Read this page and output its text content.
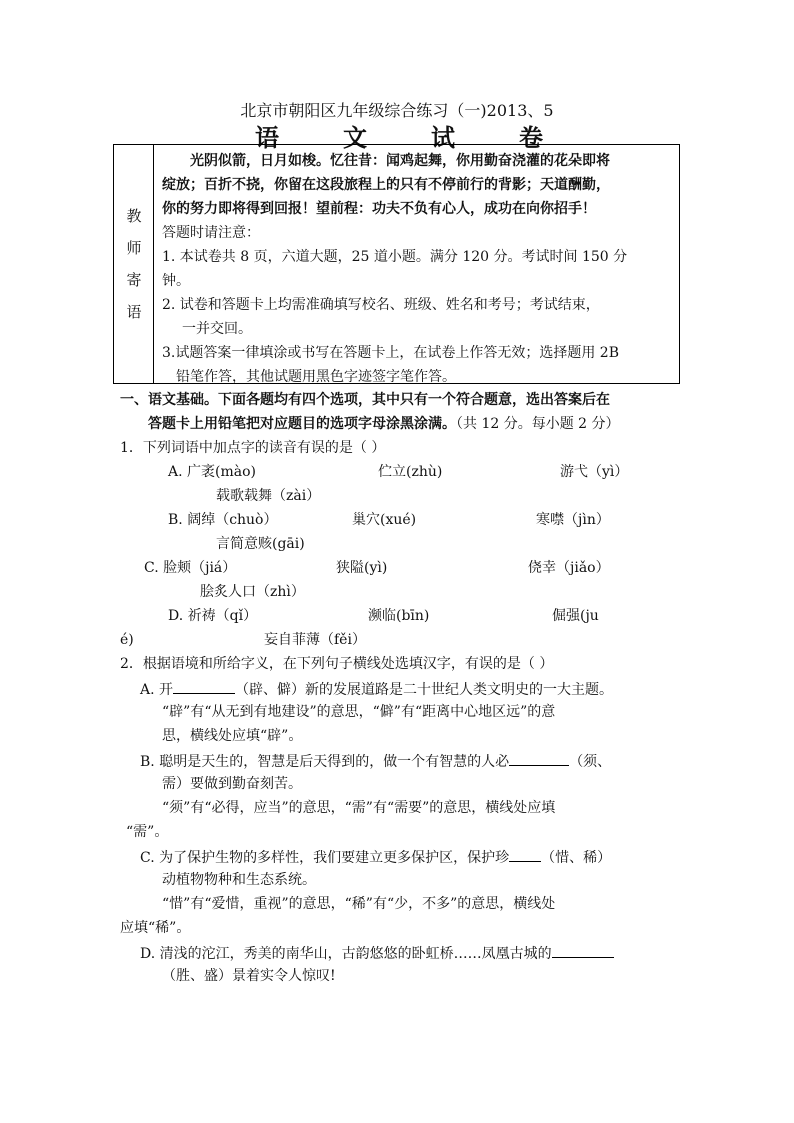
北京市朝阳区九年级综合练习（一)2013、5
语	文	试	卷
教
师
寄
语
光阴似箭，日月如梭。忆往昔：闻鸡起舞，你用勤奋浇灌的花朵即将
绽放；百折不挠，你留在这段旅程上的只有不停前行的背影；天道酬勤，
你的努力即将得到回报！望前程：功夫不负有心人，成功在向你招手！
答题时请注意：
1. 本试卷共 8 页，六道大题，25 道小题。满分 120 分。考试时间 150 分
钟。
2. 试卷和答题卡上均需准确填写校名、班级、姓名和考号；考试结束，
一并交回。
3.试题答案一律填涂或书写在答题卡上，在试卷上作答无效；选择题用 2B
铅笔作答，其他试题用黑色字迹签字笔作答。
一、语文基础。下面各题均有四个选项，其中只有一个符合题意，选出答案后在
答题卡上用铅笔把对应题目的选项字母涂黑涂满。（共 12 分。每小题 2 分）
1．下列词语中加点字的读音有误的是（ ）
A. 广袤(mào)	伫立(zhù)	游弋（yì）
载歌载舞（zài）
B. 阔绰（chuò）	巢穴(xué)	寒噤（jìn）
言简意赅(gāi)
C. 脸颊（jiá）	狭隘(yì)	侥幸（jiǎo）
脍炙人口（zhì）
D. 祈祷（qǐ）	濒临(bīn)	倔强(ju
é)	妄自菲薄（fěi）
2．根据语境和所给字义，在下列句子横线处选填汉字，有误的是（ ）
A. 开	（辟、僻）新的发展道路是二十世纪人类文明史的一大主题。
“辟”有“从无到有地建设”的意思，“僻”有“距离中心地区远”的意
思，横线处应填“辟”。
B. 聪明是天生的，智慧是后天得到的，做一个有智慧的人必	（须、
需）要做到勤奋刻苦。
“须”有“必得，应当”的意思，“需”有“需要”的意思，横线处应填
“需”。
C. 为了保护生物的多样性，我们要建立更多保护区，保护珍 （惜、稀）
动植物物种和生态系统。
“惜”有“爱惜，重视”的意思，“稀”有“少，不多”的意思，横线处
应填“稀”。
D. 清浅的沱江，秀美的南华山，古韵悠悠的卧虹桥……凤凰古城的
（胜、盛）景着实令人惊叹!
